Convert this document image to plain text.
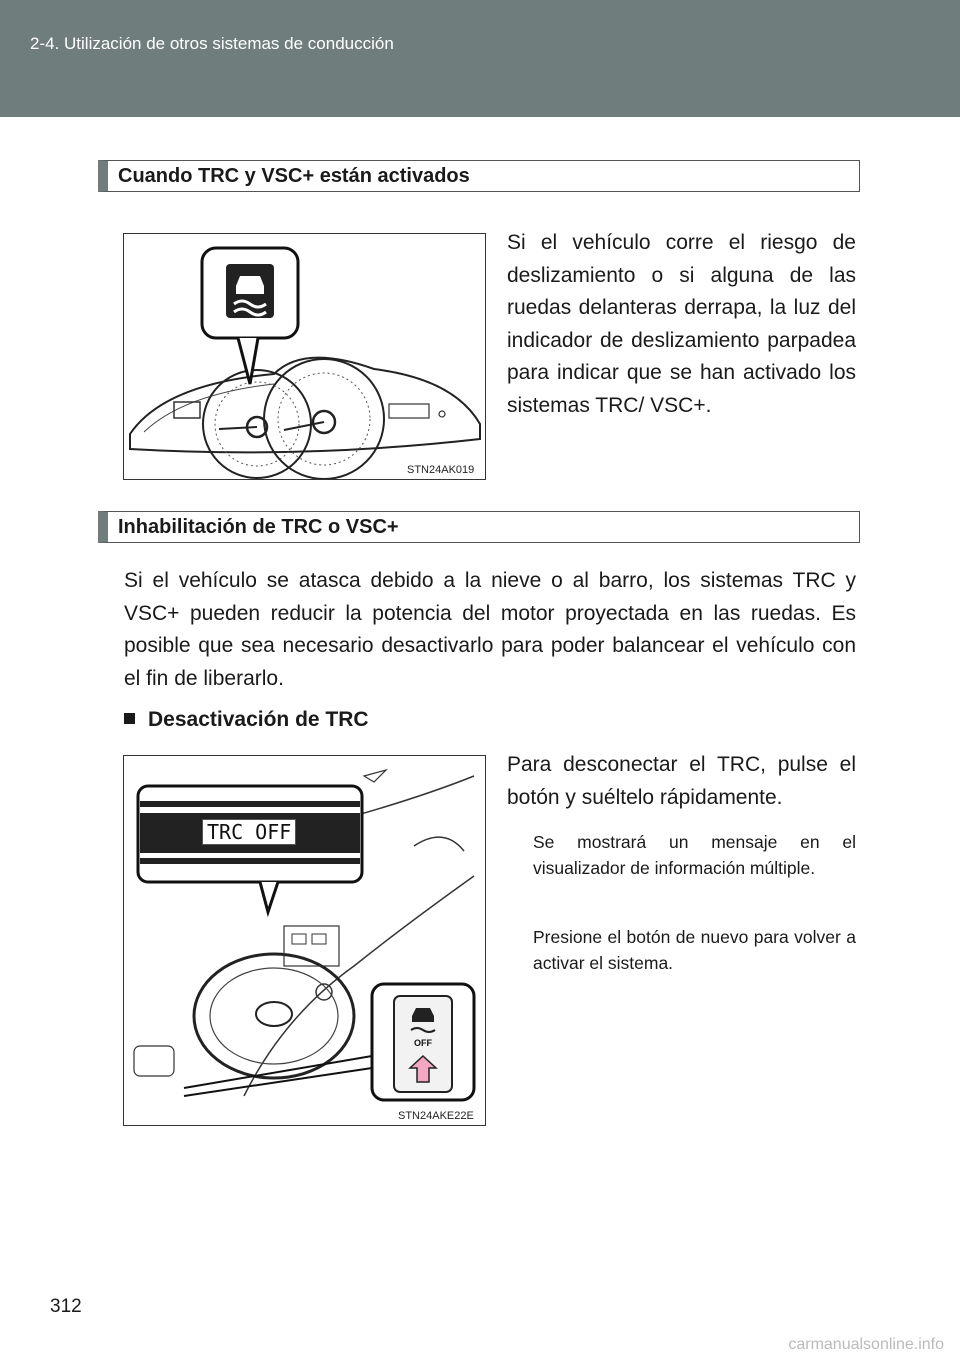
2-4. Utilización de otros sistemas de conducción
Cuando TRC y VSC+ están activados
STN24AK019
Si el vehículo corre el riesgo de deslizamiento o si alguna de las ruedas delanteras derrapa, la luz del indicador de deslizamiento parpadea para indicar que se han activado los sistemas TRC/ VSC+.
Inhabilitación de TRC o VSC+
Si el vehículo se atasca debido a la nieve o al barro, los sistemas TRC y VSC+ pueden reducir la potencia del motor proyectada en las ruedas. Es posible que sea necesario desactivarlo para poder balancear el vehículo con el fin de liberarlo.
Desactivación de TRC
TRC OFF
OFF
STN24AKE22E
Para desconectar el TRC, pulse el botón y suéltelo rápidamente.
Se mostrará un mensaje en el visualizador de información múltiple.
Presione el botón de nuevo para volver a activar el sistema.
312
carmanualsonline.info
